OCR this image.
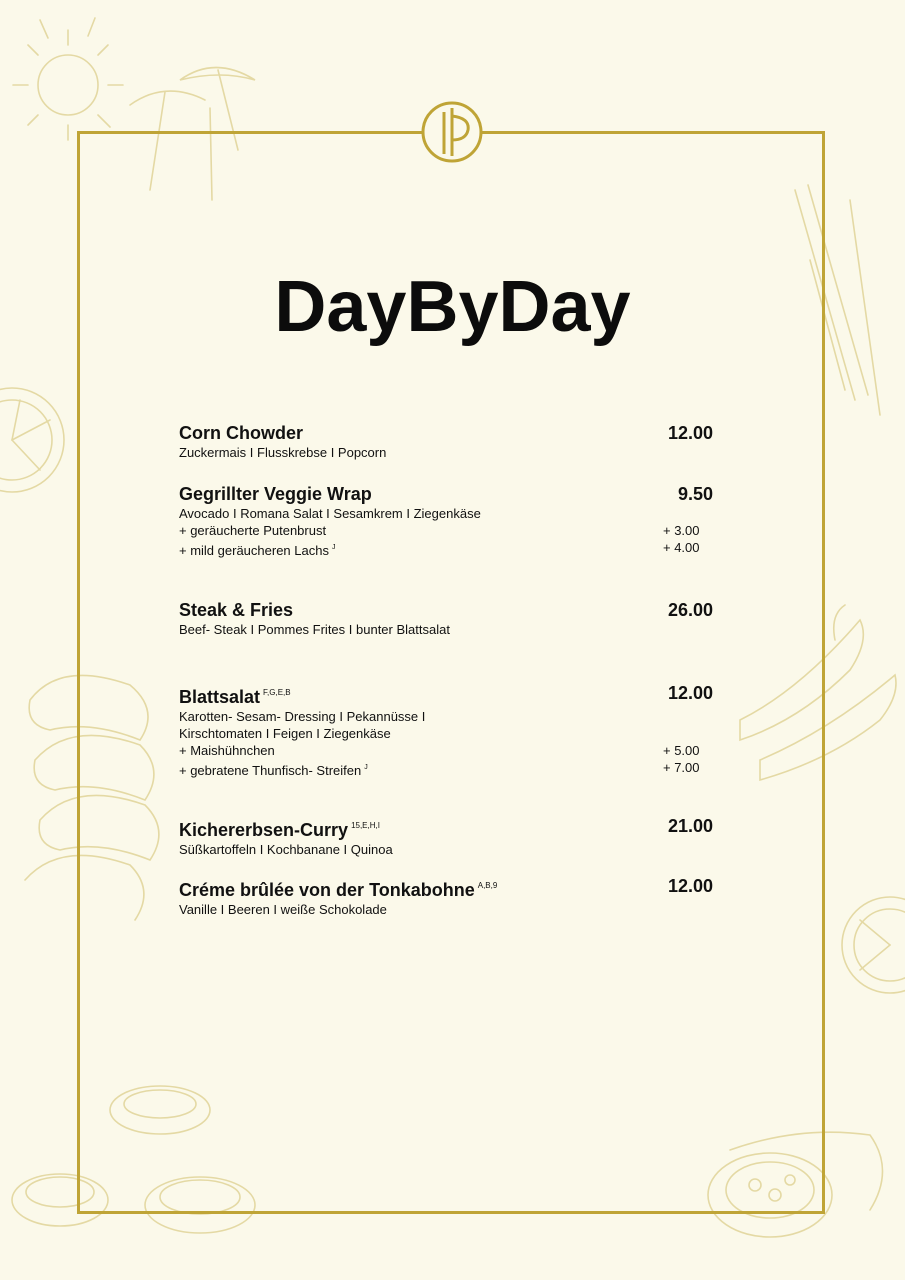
DayByDay
Corn Chowder	12.00
Zuckermais I Flusskrebse I Popcorn
Gegrillter Veggie Wrap	9.50
Avocado I Romana Salat I Sesamkrem I Ziegenkäse
+ geräucherte Putenbrust	+ 3.00
+ mild geräucheren Lachs $^J$	+ 4.00
Steak & Fries	26.00
Beef- Steak I Pommes Frites I bunter Blattsalat
Blattsalat $^{F,G,E,B}$	12.00
Karotten- Sesam- Dressing I Pekannüsse I
Kirschtomaten I Feigen I Ziegenkäse
+ Maishühnchen	+ 5.00
+ gebratene Thunfisch- Streifen $^J$	+ 7.00
Kichererbsen-Curry $^{15,E,H,I}$	21.00
Süßkartoffeln I Kochbanane I Quinoa
Créme brûlée von der Tonkabohne $^{A,B,9}$	12.00
Vanille I Beeren I weiße Schokolade
